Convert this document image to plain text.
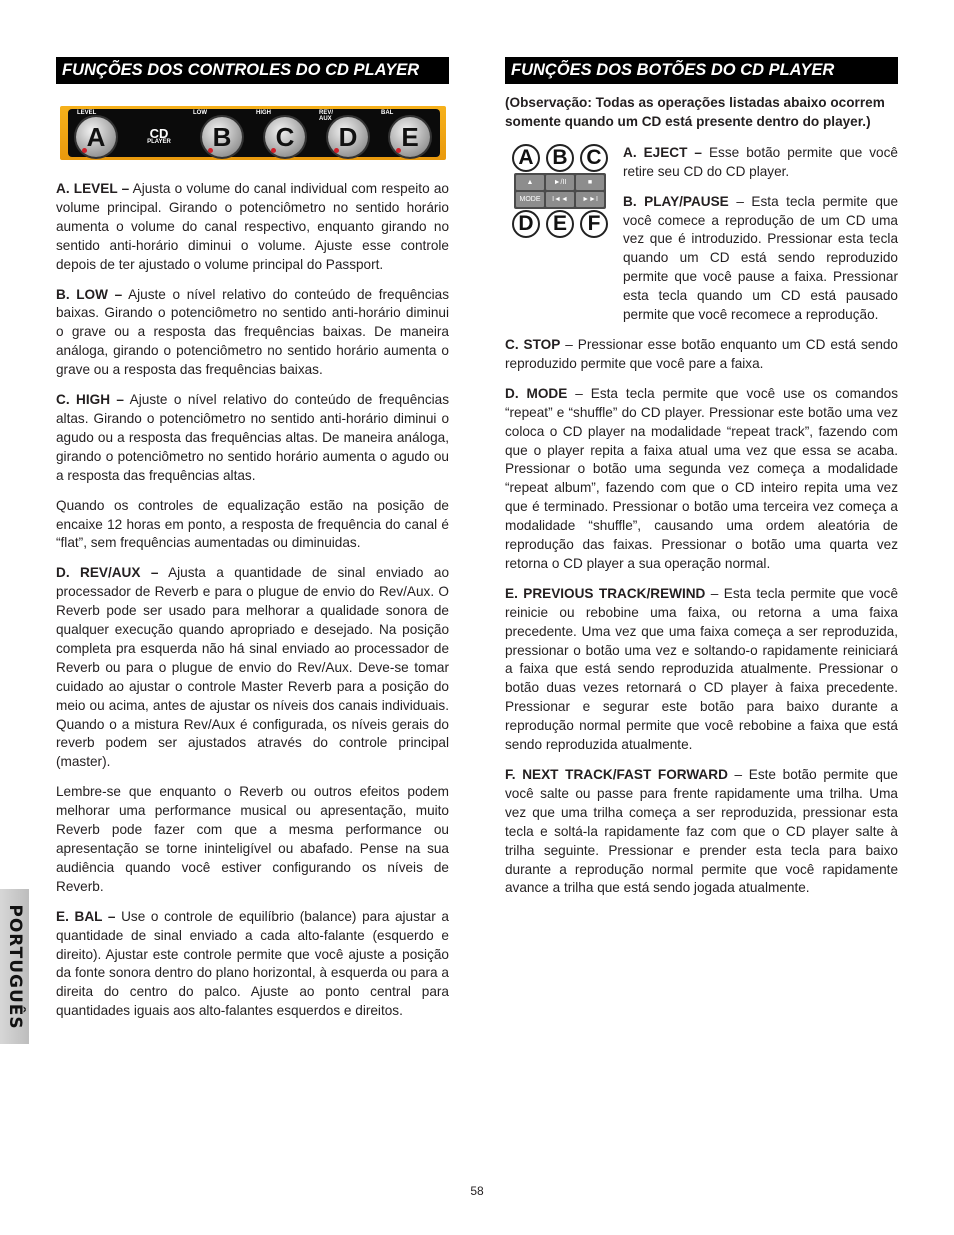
FUNÇÕES DOS CONTROLES DO CD PLAYER
LEVEL
A	CD
PLAYER
LOW
B
HIGH
C
REV/ AUX
D
BAL
E

A. LEVEL – Ajusta o volume do canal individual com respeito ao volume principal. Girando o potenciômetro no sentido horário aumenta o volume do canal respectivo, enquanto girando no sentido anti-horário diminui o volume. Ajuste esse controle depois de ter ajustado o volume principal do Passport.

B. LOW – Ajuste o nível relativo do conteúdo de frequências baixas. Girando o potenciômetro no sentido anti-horário diminui o grave ou a resposta das frequências baixas. De maneira análoga, girando o potenciômetro no sentido horário aumenta o grave ou a resposta das frequências baixas.

C. HIGH – Ajuste o nível relativo do conteúdo de frequências altas. Girando o potenciômetro no sentido anti-horário diminui o agudo ou a resposta das frequências altas. De maneira análoga, girando o potenciômetro no sentido horário aumenta o agudo ou a resposta das frequências altas.

Quando os controles de equalização estão na posição de encaixe 12 horas em ponto, a resposta de frequência do canal é “flat”, sem frequências aumentadas ou diminuidas.

D. REV/AUX – Ajusta a quantidade de sinal enviado ao processador de Reverb e para o plugue de envio do Rev/Aux. O Reverb pode ser usado para melhorar a qualidade sonora de qualquer execução quando apropriado e desejado. Na posição completa pra esquerda não há sinal enviado ao processador de Reverb ou para o plugue de envio do Rev/Aux. Deve-se tomar cuidado ao ajustar o controle Master Reverb para a posição do meio ou acima, antes de ajustar os níveis dos canais individuais. Quando o a mistura Rev/Aux é configurada, os níveis gerais do reverb podem ser ajustados através do controle principal (master).

Lembre-se que enquanto o Reverb ou outros efeitos podem melhorar uma performance musical ou apresentação, muito Reverb pode fazer com que a mesma performance ou apresentação se torne ininteligível ou abafado. Pense na sua audiência quando você estiver configurando os níveis de Reverb.

E. BAL – Use o controle de equilíbrio (balance) para ajustar a quantidade de sinal enviado a cada alto-falante (esquerdo e direito). Ajustar este controle permite que você ajuste a posição da fonte sonora dentro do plano horizontal, à esquerda ou para a direita do centro do palco. Ajuste ao ponto central para quantidades iguais aos alto-falantes esquerdos e direitos.

FUNÇÕES DOS BOTÕES DO CD PLAYER

(Observação: Todas as operações listadas abaixo ocorrem somente quando um CD está presente dentro do player.)

A B C
▲	►/II	■
MODE	I◄◄	►►I
D E F

A. EJECT – Esse botão permite que você retire seu CD do CD player.

B. PLAY/PAUSE – Esta tecla permite que você comece a reprodução de um CD uma vez que é introduzido. Pressionar esta tecla quando um CD está sendo reproduzido permite que você pause a faixa. Pressionar esta tecla quando um CD está pausado permite que você recomece a reprodução.

C. STOP – Pressionar esse botão enquanto um CD está sendo reproduzido permite que você pare a faixa.

D. MODE – Esta tecla permite que você use os comandos “repeat” e “shuffle” do CD player. Pressionar este botão uma vez coloca o CD player na modalidade “repeat track”, fazendo com que o player repita a faixa atual uma vez que essa se acaba. Pressionar o botão uma segunda vez começa a modalidade “repeat album”, fazendo com que o CD inteiro repita uma vez que é terminado. Pressionar o botão uma terceira vez começa a modalidade “shuffle”, causando uma ordem aleatória de reprodução das faixas. Pressionar o botão uma quarta vez retorna o CD player a sua operação normal.

E. PREVIOUS TRACK/REWIND – Esta tecla permite que você reinicie ou rebobine uma faixa, ou retorna a uma faixa precedente. Uma vez que uma faixa começa a ser reproduzida, pressionar o botão uma vez e soltando-o rapidamente reiniciará a faixa que está sendo reproduzida atualmente. Pressionar o botão duas vezes retornará o CD player à faixa precedente. Pressionar e segurar este botão para baixo durante a reprodução normal permite que você rebobine a faixa que está sendo reproduzida atualmente.

F. NEXT TRACK/FAST FORWARD – Este botão permite que você salte ou passe para frente rapidamente uma trilha. Uma vez que uma trilha começa a ser reproduzida, pressionar esta tecla e soltá-la rapidamente faz com que o CD player salte à trilha seguinte. Pressionar e prender esta tecla para baixo durante a reprodução normal permite que você rapidamente avance a trilha que está sendo jogada atualmente.

PORTUGUÊS
58
